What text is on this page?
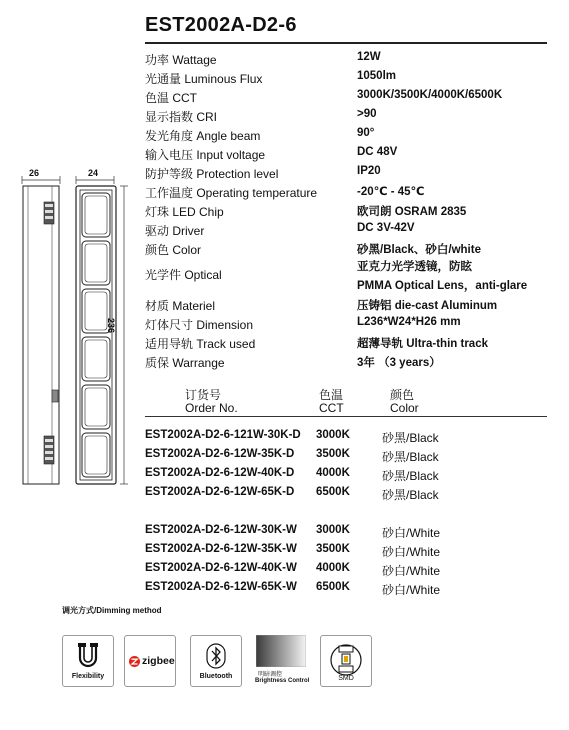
EST2002A-D2-6
功率 Wattage	12W
光通量 Luminous Flux	1050lm
色温 CCT	3000K/3500K/4000K/6500K
显示指数 CRI	>90
发光角度 Angle beam	90°
输入电压 Input voltage	DC 48V
防护等级 Protection level	IP20
工作温度 Operating temperature	-20℃ - 45℃
灯珠 LED Chip	欧司朗 OSRAM 2835
驱动 Driver	DC 3V-42V
颜色 Color	砂黑/Black、砂白/white
光学件 Optical
亚克力光学透镜，防眩
PMMA Optical Lens，anti-glare
材质 Materiel	压铸铝 die-cast Aluminum
灯体尺寸 Dimension	L236*W24*H26 mm
适用导轨 Track used	超薄导轨 Ultra-thin track
质保 Warrange	3年 （3 years）
订货号
Order No.
色温
CCT
颜色
Color
EST2002A-D2-6-121W-30K-D 3000K	砂黑/Black
EST2002A-D2-6-12W-35K-D 3500K	砂黑/Black
EST2002A-D2-6-12W-40K-D 4000K	砂黑/Black
EST2002A-D2-6-12W-65K-D 6500K	砂黑/Black
EST2002A-D2-6-12W-30K-W 3000K	砂白/White
EST2002A-D2-6-12W-35K-W 3500K	砂白/White
EST2002A-D2-6-12W-40K-W 4000K	砂白/White
EST2002A-D2-6-12W-65K-W 6500K	砂白/White
26	24
236
调光方式/Dimming method
Flexibility
zigbee
Bluetooth	明暗调控
Brightness Control	SMD
